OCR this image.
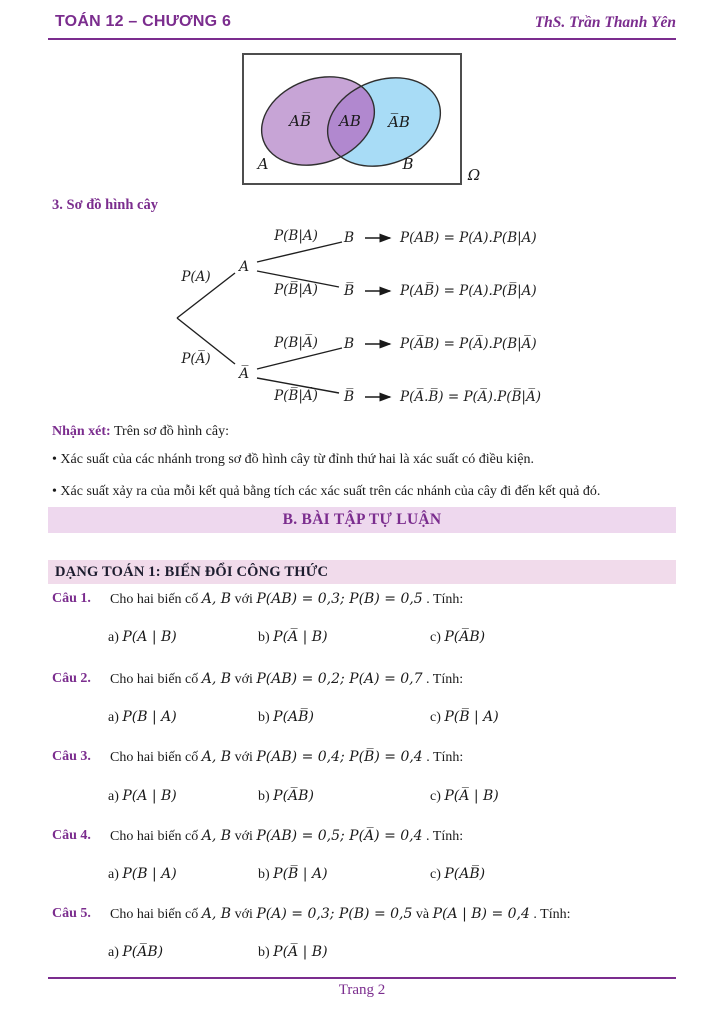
TOÁN 12 – CHƯƠNG 6	ThS. Trần Thanh Yên
AB̅ AB A̅B
A	B
Ω
3. Sơ đồ hình cây
P(A)
P(A̅)
A
A̅
P(B|A)
P(B̅|A)
P(B|A̅)
P(B̅|A̅)
B
B̅
B
B̅
P(AB) = P(A).P(B|A)
P(AB̅) = P(A).P(B̅|A)
P(A̅B) = P(A̅).P(B|A̅)
P(A̅.B̅) = P(A̅).P(B̅|A̅)
Nhận xét: Trên sơ đồ hình cây:
• Xác suất của các nhánh trong sơ đồ hình cây từ đỉnh thứ hai là xác suất có điều kiện.
• Xác suất xảy ra của mỗi kết quả bằng tích các xác suất trên các nhánh của cây đi đến kết quả đó.
B. BÀI TẬP TỰ LUẬN
DẠNG TOÁN 1: BIẾN ĐỔI CÔNG THỨC
Câu 1. Cho hai biến cố A, B với P(AB) = 0,3; P(B) = 0,5 . Tính:
a) P(A | B)	b) P(A̅ | B)	c) P(A̅B)
Câu 2. Cho hai biến cố A, B với P(AB) = 0,2; P(A) = 0,7 . Tính:
a) P(B | A)	b) P(AB̅)	c) P(B̅ | A)
Câu 3. Cho hai biến cố A, B với P(AB) = 0,4; P(B̅) = 0,4 . Tính:
a) P(A | B)	b) P(A̅B)	c) P(A̅ | B)
Câu 4. Cho hai biến cố A, B với P(AB) = 0,5; P(A̅) = 0,4 . Tính:
a) P(B | A)	b) P(B̅ | A)	c) P(AB̅)
Câu 5. Cho hai biến cố A, B với P(A) = 0,3; P(B) = 0,5 và P(A | B) = 0,4 . Tính:
a) P(A̅B)	b) P(A̅ | B)
Trang 2
